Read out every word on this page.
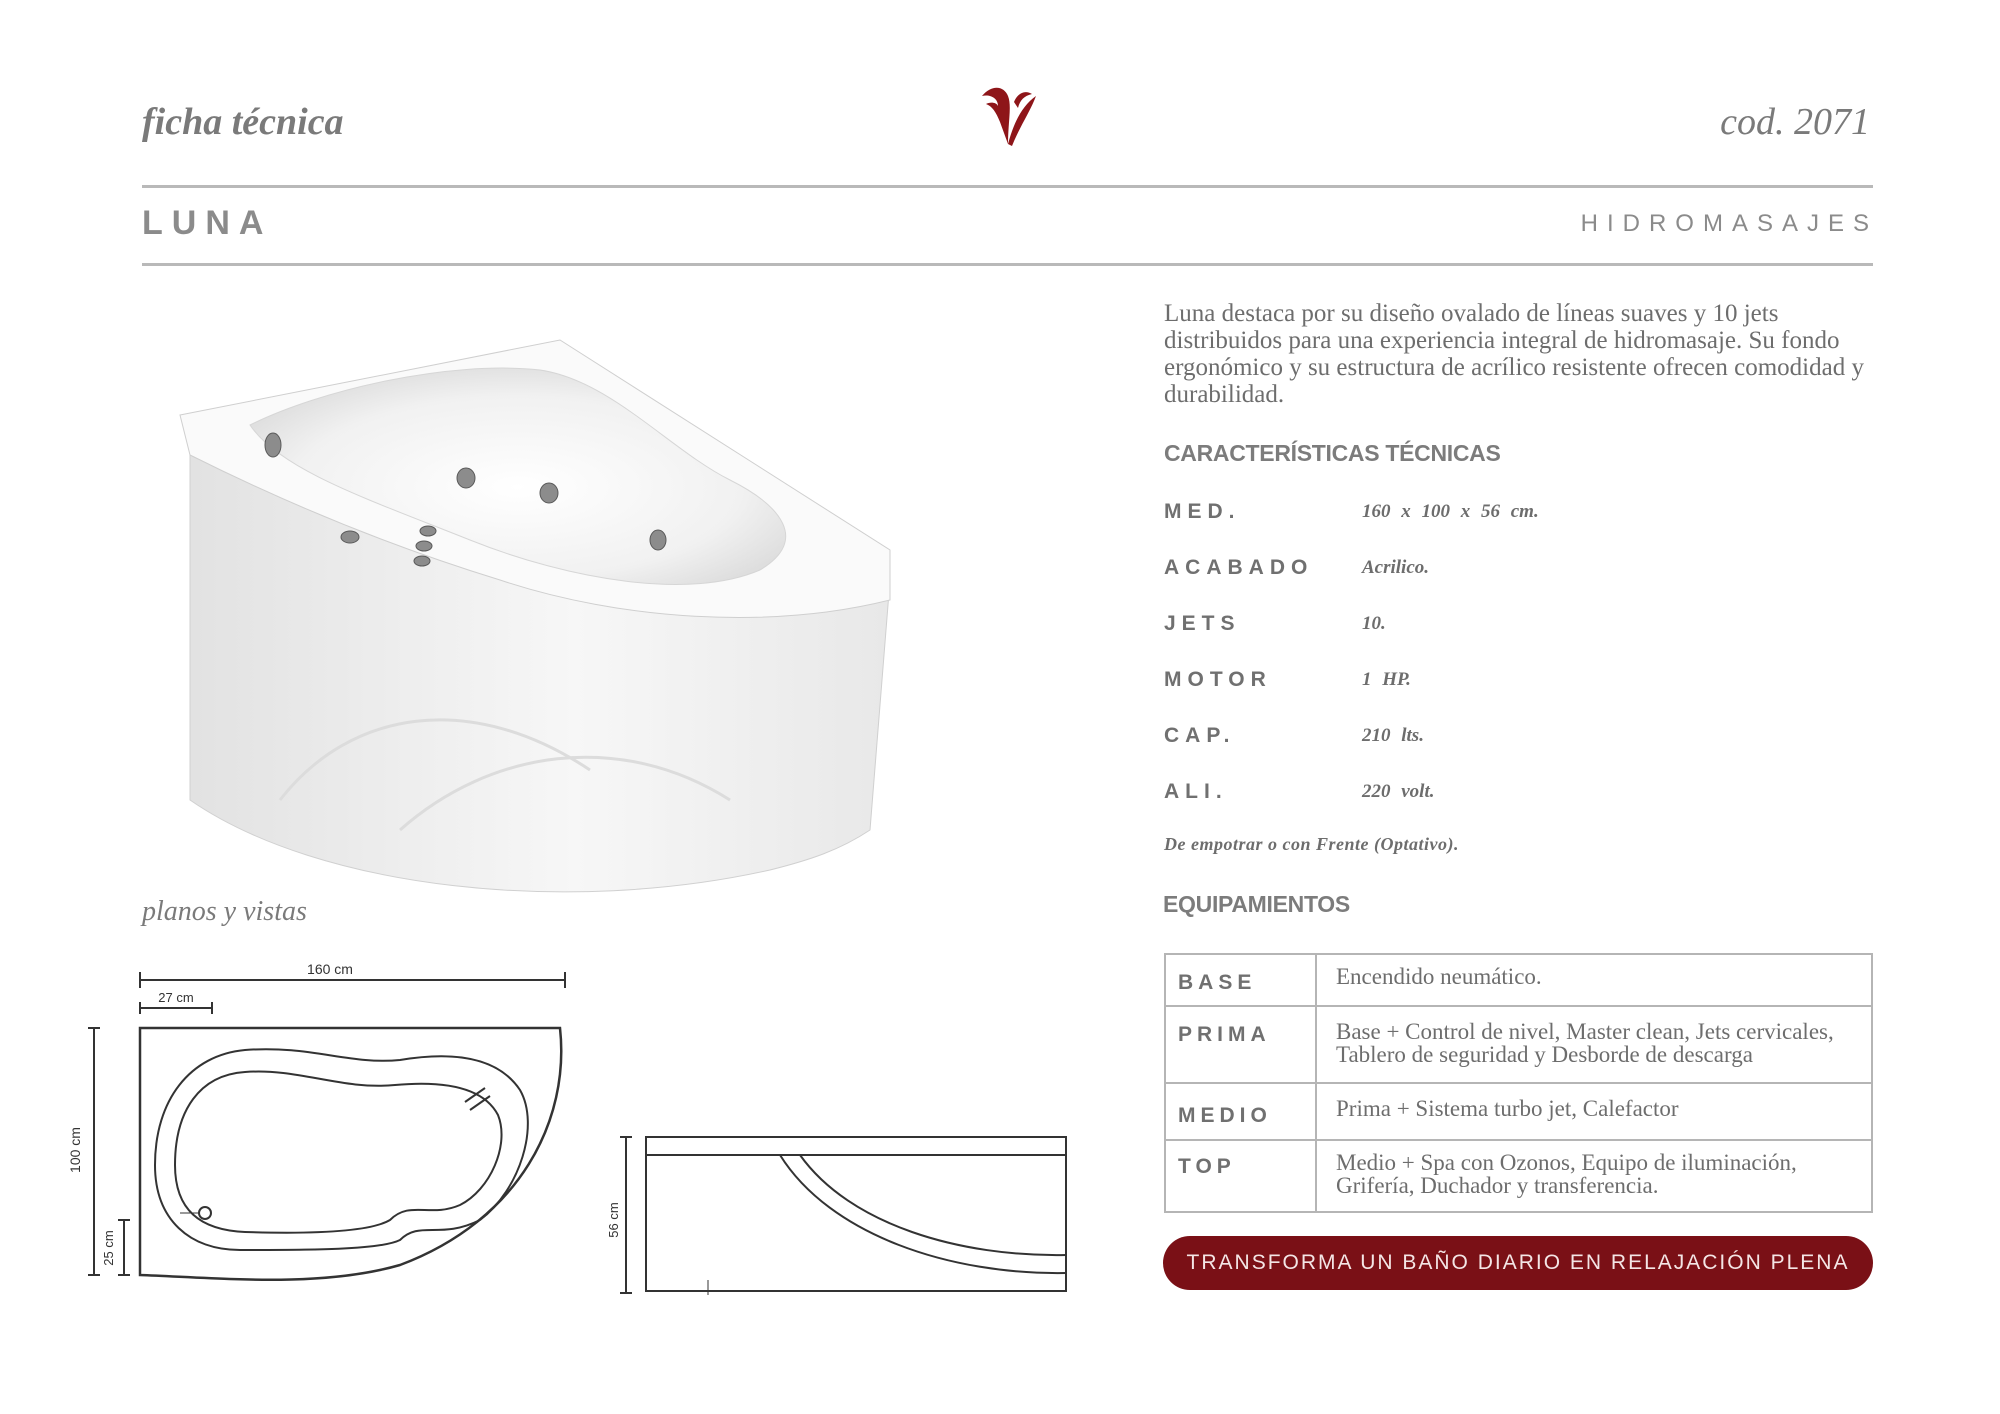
ficha técnica	cod. 2071
LUNA	HIDROMASAJES
Luna destaca por su diseño ovalado de líneas suaves y 10 jets distribuidos para una experiencia integral de hidromasaje. Su fondo ergonómico y su estructura de acrílico resistente ofrecen comodidad y durabilidad.
CARACTERÍSTICAS TÉCNICAS
MED.	160 x 100 x 56 cm.
ACABADO	Acrilico.
JETS	10.
MOTOR	1 HP.
CAP.	210 lts.
ALI.	220 volt.
De empotrar o con Frente (Optativo).
EQUIPAMIENTOS
BASE	Encendido neumático.

PRIMA	Base + Control de nivel, Master clean, Jets cervicales,
Tablero de seguridad y Desborde de descarga

MEDIO	Prima + Sistema turbo jet, Calefactor

TOP	Medio + Spa con Ozonos, Equipo de iluminación,
Grifería, Duchador y transferencia.
TRANSFORMA UN BAÑO DIARIO EN RELAJACIÓN PLENA
planos y vistas
160 cm
27 cm
100 cm
25 cm
56 cm
